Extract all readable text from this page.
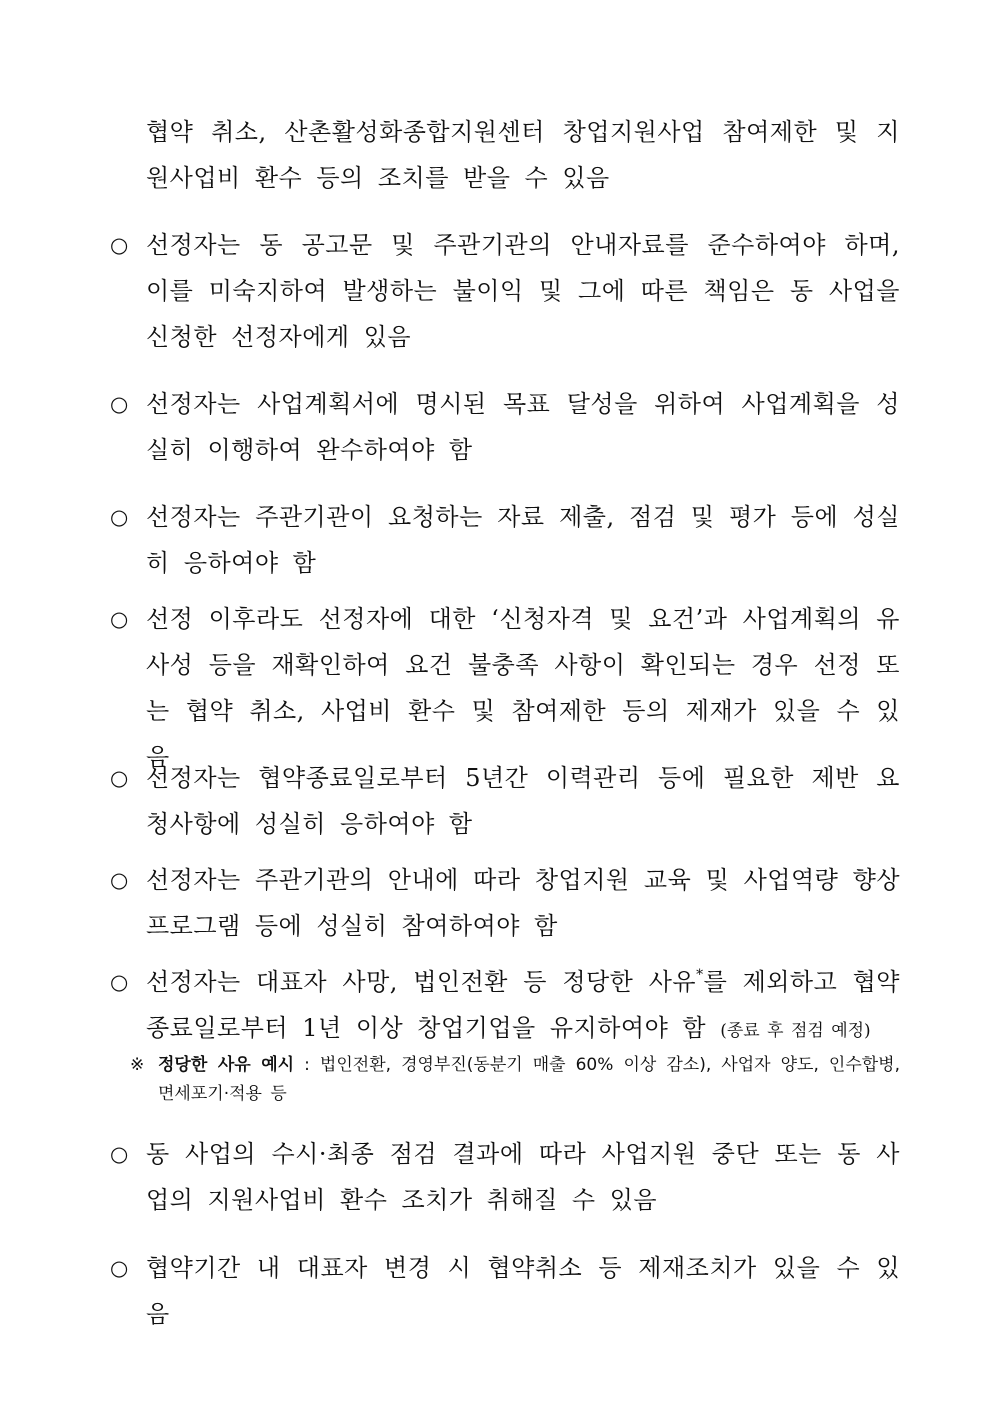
협약 취소, 산촌활성화종합지원센터 창업지원사업 참여제한 및 지원사업비 환수 등의 조치를 받을 수 있음
○ 선정자는 동 공고문 및 주관기관의 안내자료를 준수하여야 하며, 이를 미숙지하여 발생하는 불이익 및 그에 따른 책임은 동 사업을 신청한 선정자에게 있음
○ 선정자는 사업계획서에 명시된 목표 달성을 위하여 사업계획을 성실히 이행하여 완수하여야 함
○ 선정자는 주관기관이 요청하는 자료 제출, 점검 및 평가 등에 성실히 응하여야 함
○ 선정 이후라도 선정자에 대한 ‘신청자격 및 요건’과 사업계획의 유사성 등을 재확인하여 요건 불충족 사항이 확인되는 경우 선정 또는 협약 취소, 사업비 환수 및 참여제한 등의 제재가 있을 수 있음
○ 선정자는 협약종료일로부터 5년간 이력관리 등에 필요한 제반 요청사항에 성실히 응하여야 함
○ 선정자는 주관기관의 안내에 따라 창업지원 교육 및 사업역량 향상 프로그램 등에 성실히 참여하여야 함
○ 선정자는 대표자 사망, 법인전환 등 정당한 사유*를 제외하고 협약종료일로부터 1년 이상 창업기업을 유지하여야 함 (종료 후 점검 예정)
※ 정당한 사유 예시 : 법인전환, 경영부진(동분기 매출 60% 이상 감소), 사업자 양도, 인수합병, 면세포기·적용 등
○ 동 사업의 수시·최종 점검 결과에 따라 사업지원 중단 또는 동 사업의 지원사업비 환수 조치가 취해질 수 있음
○ 협약기간 내 대표자 변경 시 협약취소 등 제재조치가 있을 수 있음
